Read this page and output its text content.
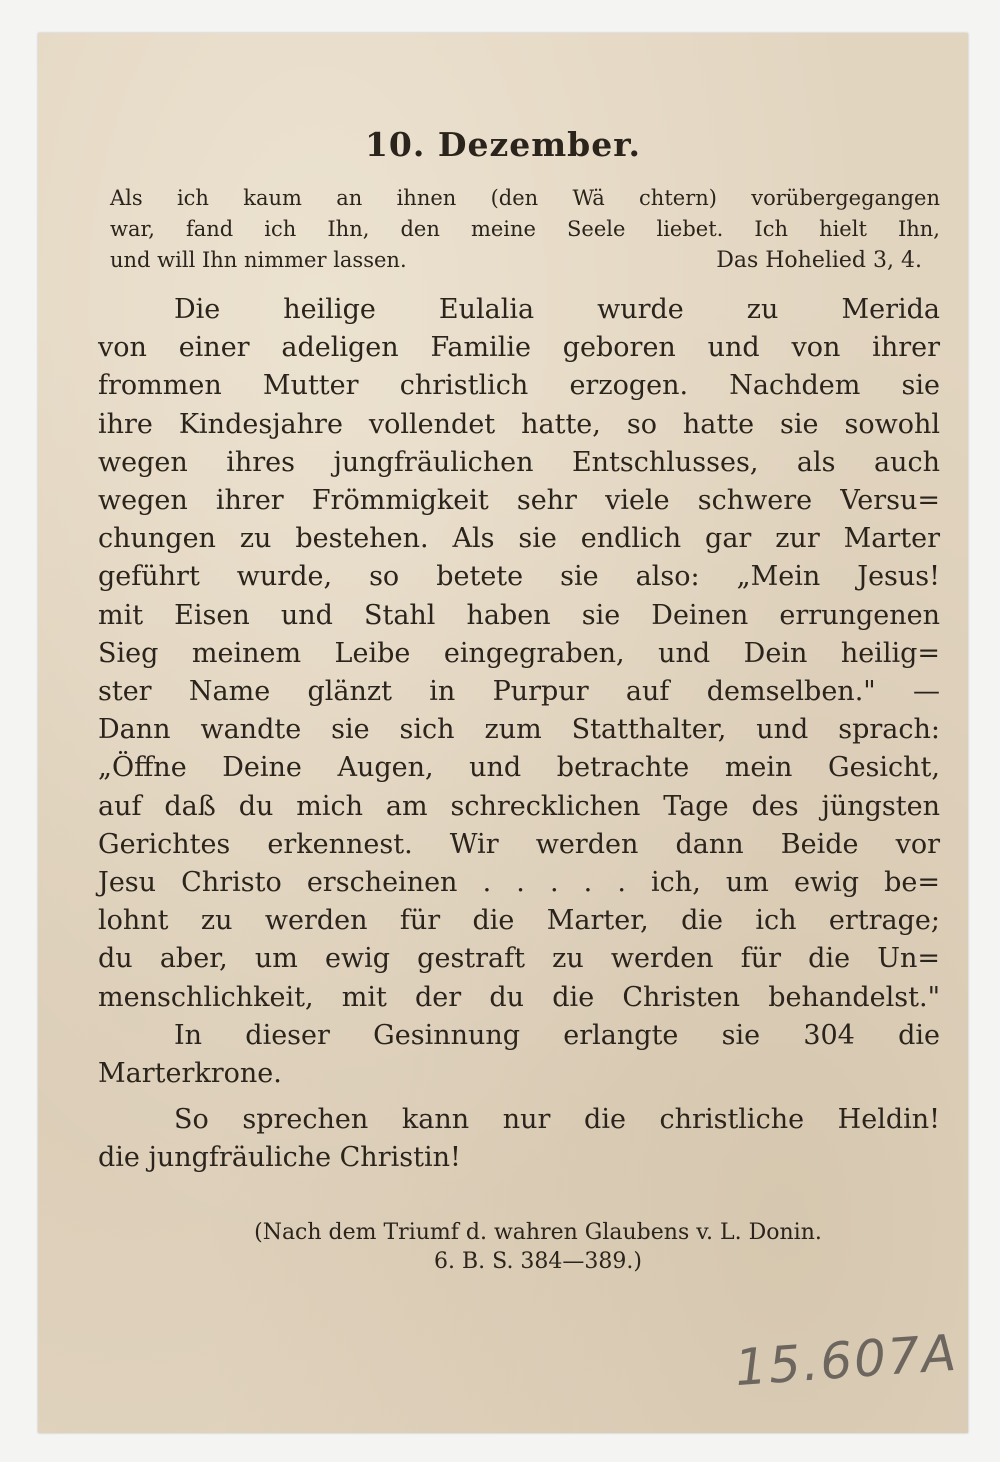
10. Dezember.
Als ich kaum an ihnen (den Wä chtern) vorübergegangen
war, fand ich Ihn, den meine Seele liebet. Ich hielt Ihn,
und will Ihn nimmer lassen.	Das Hohelied 3, 4.
Die heilige Eulalia wurde zu Merida
von einer adeligen Familie geboren und von ihrer
frommen Mutter christlich erzogen. Nachdem sie
ihre Kindesjahre vollendet hatte, so hatte sie sowohl
wegen ihres jungfräulichen Entschlusses, als auch
wegen ihrer Frömmigkeit sehr viele schwere Versu=
chungen zu bestehen. Als sie endlich gar zur Marter
geführt wurde, so betete sie also: „Mein Jesus!
mit Eisen und Stahl haben sie Deinen errungenen
Sieg meinem Leibe eingegraben, und Dein heilig=
ster Name glänzt in Purpur auf demselben." —
Dann wandte sie sich zum Statthalter, und sprach:
„Öffne Deine Augen, und betrachte mein Gesicht,
auf daß du mich am schrecklichen Tage des jüngsten
Gerichtes erkennest. Wir werden dann Beide vor
Jesu Christo erscheinen . . . . . ich, um ewig be=
lohnt zu werden für die Marter, die ich ertrage;
du aber, um ewig gestraft zu werden für die Un=
menschlichkeit, mit der du die Christen behandelst."
In dieser Gesinnung erlangte sie 304 die
Marterkrone.
So sprechen kann nur die christliche Heldin!
die jungfräuliche Christin!
(Nach dem Triumf d. wahren Glaubens v. L. Donin.
6. B. S. 384—389.)
15.607A
